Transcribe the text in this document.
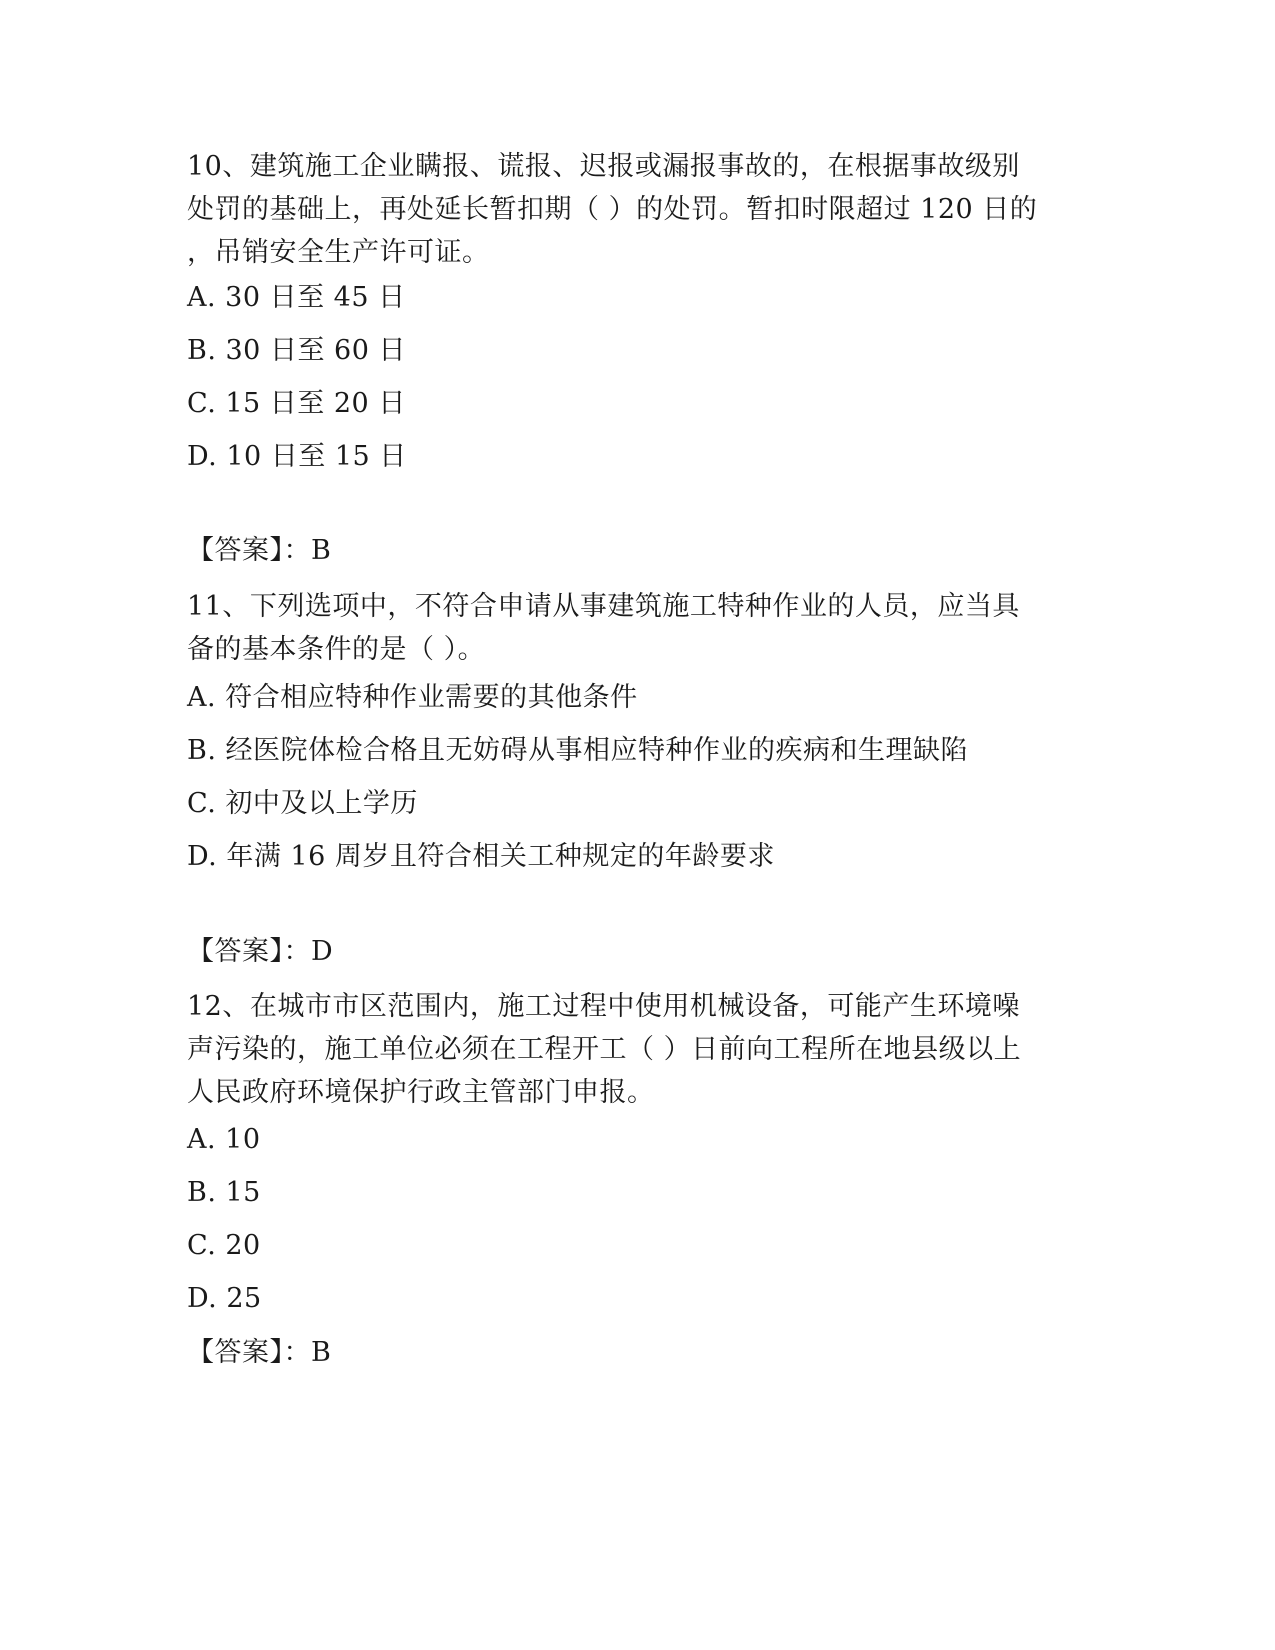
10、建筑施工企业瞒报、谎报、迟报或漏报事故的，在根据事故级别
处罚的基础上，再处延长暂扣期（ ）的处罚。暂扣时限超过 120 日的
，吊销安全生产许可证。
A. 30 日至 45 日
B. 30 日至 60 日
C. 15 日至 20 日
D. 10 日至 15 日
【答案】：B
11、下列选项中，不符合申请从事建筑施工特种作业的人员，应当具
备的基本条件的是（ ）。
A. 符合相应特种作业需要的其他条件
B. 经医院体检合格且无妨碍从事相应特种作业的疾病和生理缺陷
C. 初中及以上学历
D. 年满 16 周岁且符合相关工种规定的年龄要求
【答案】：D
12、在城市市区范围内，施工过程中使用机械设备，可能产生环境噪
声污染的，施工单位必须在工程开工（ ）日前向工程所在地县级以上
人民政府环境保护行政主管部门申报。
A. 10
B. 15
C. 20
D. 25
【答案】：B
